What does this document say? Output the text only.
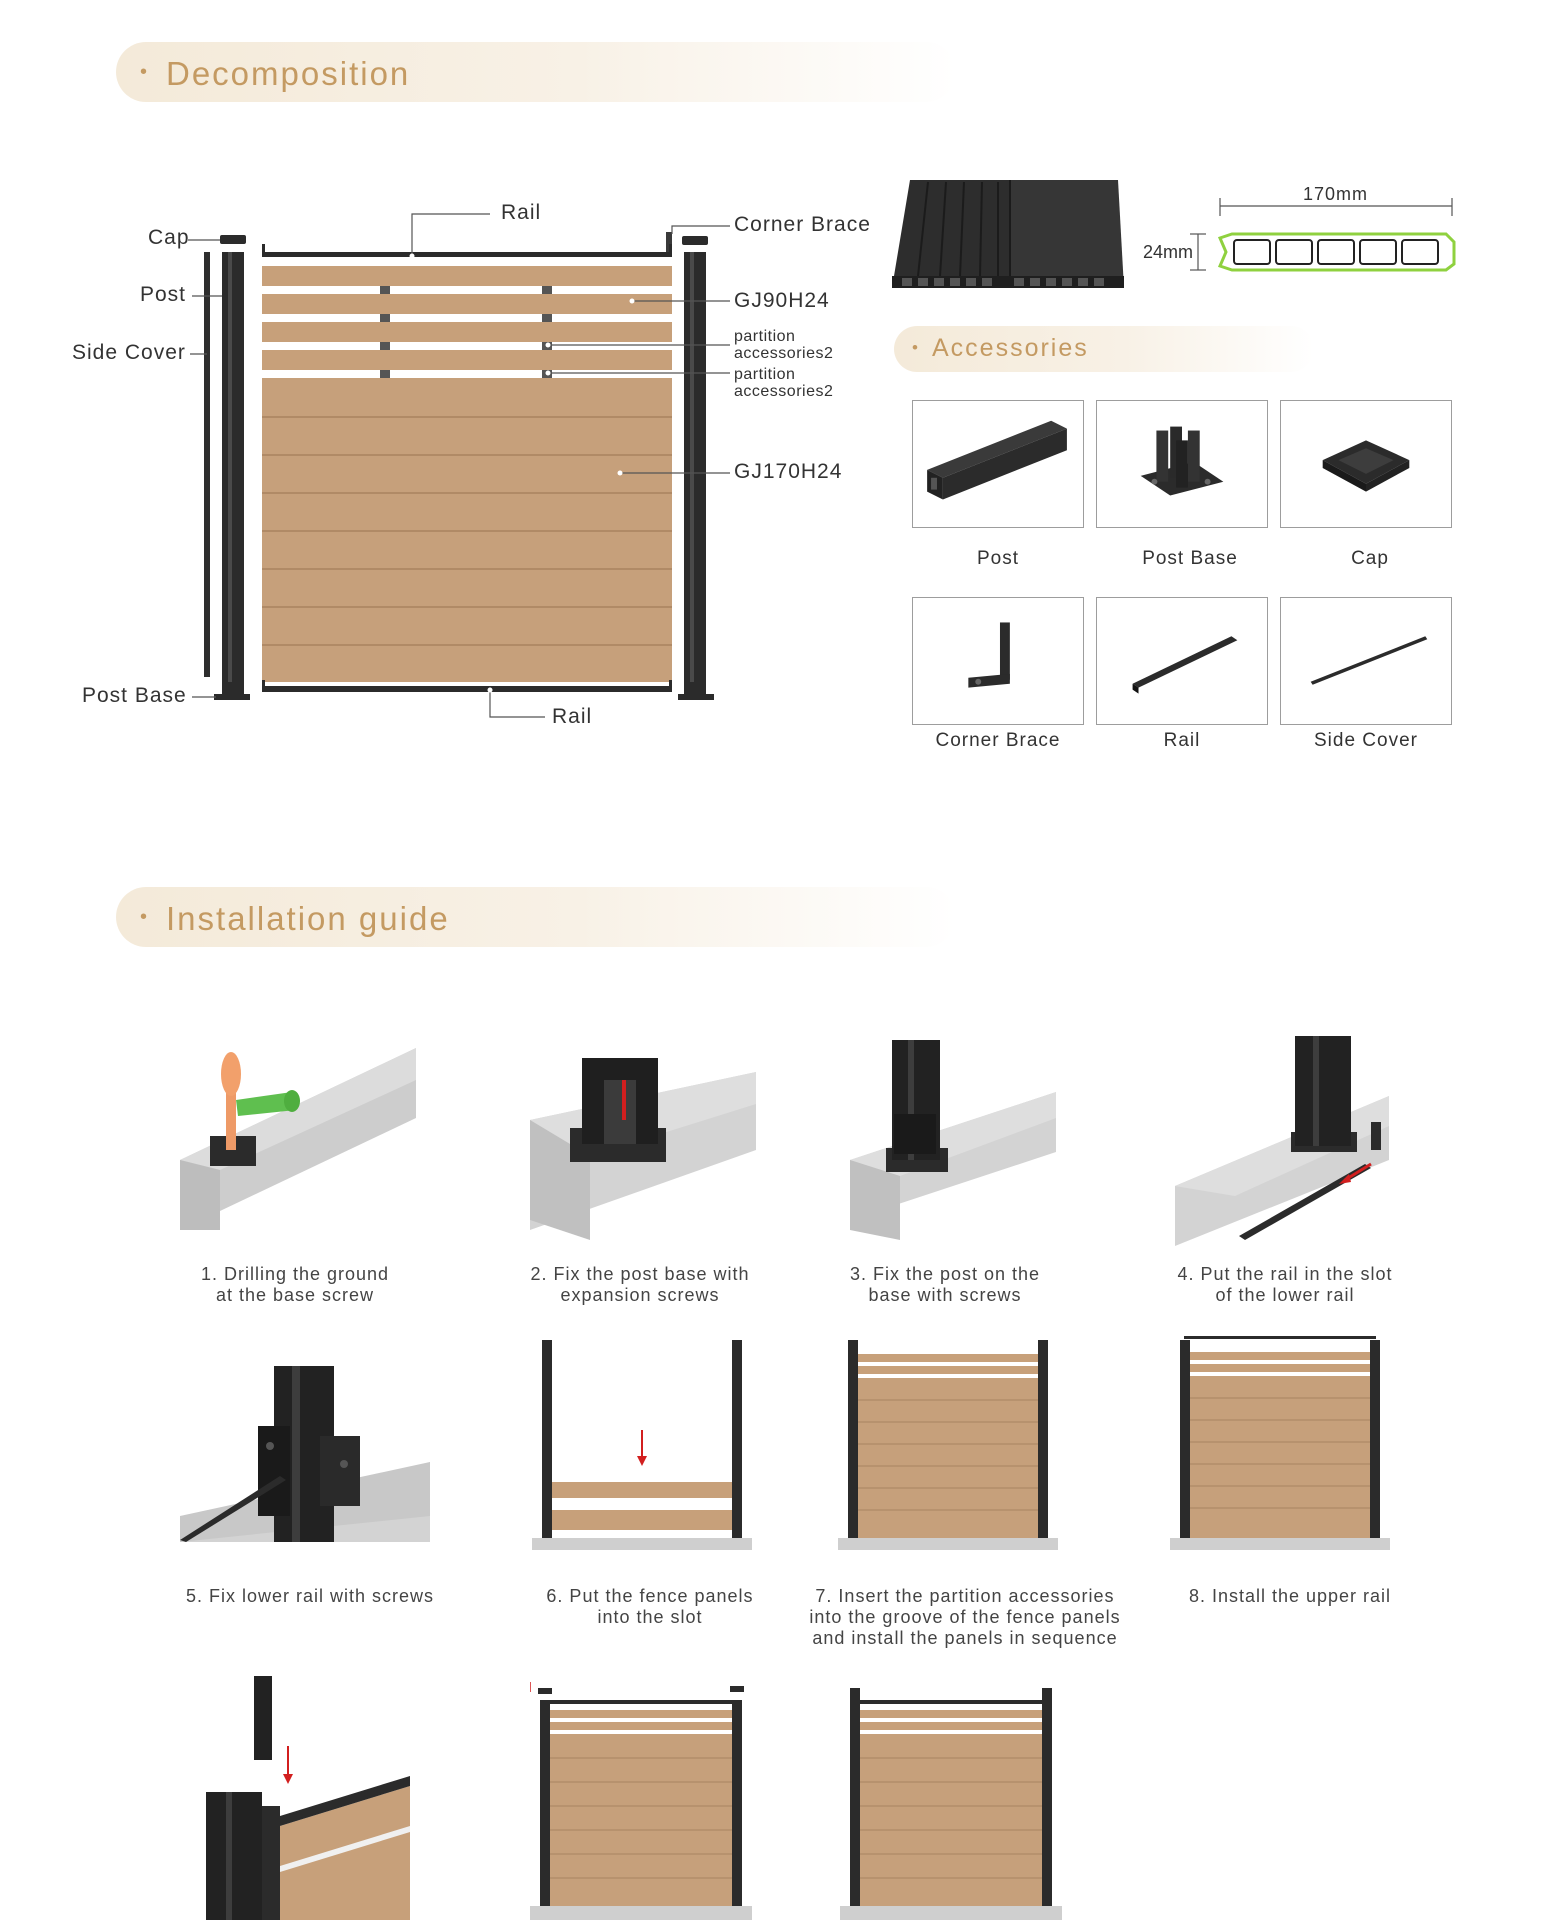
• Decomposition
Cap
Post
Side Cover
Post Base
Rail
Rail
Corner Brace
GJ90H24
partition
accessories2
partition
accessories2
GJ170H24
170mm
24mm
• Accessories
Post	Post Base	Cap
Corner Brace	Rail	Side Cover
• Installation guide
1. Drilling the ground
at the base screw
2. Fix the post base with
expansion screws
3. Fix the post on the
base with screws
4. Put the rail in the slot
of the lower rail
5. Fix lower rail with screws	6. Put the fence panels
into the slot
7. Insert the partition accessories
into the groove of the fence panels
and install the panels in sequence
8. Install the upper rail
